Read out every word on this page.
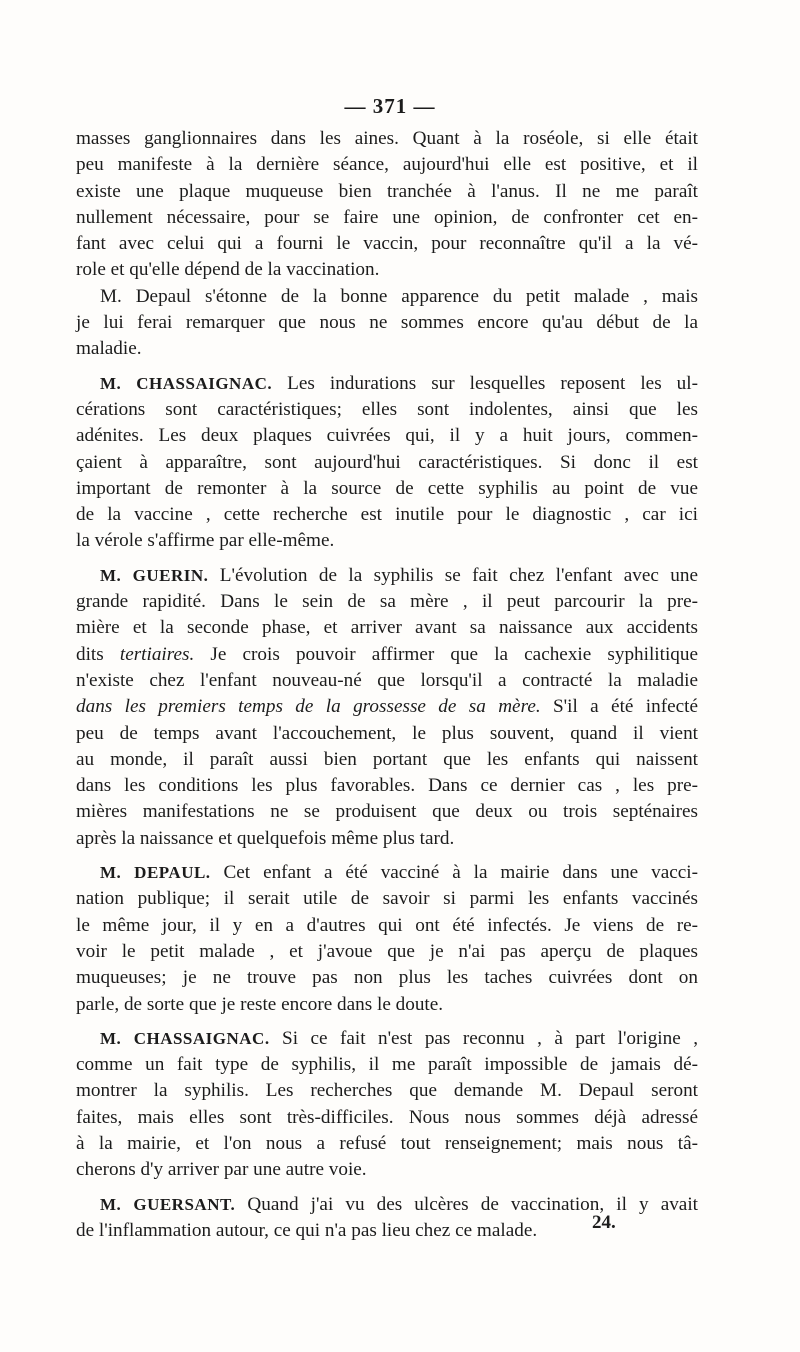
— 371 —
masses ganglionnaires dans les aines. Quant à la roséole, si elle était
peu manifeste à la dernière séance, aujourd'hui elle est positive, et il
existe une plaque muqueuse bien tranchée à l'anus. Il ne me paraît
nullement nécessaire, pour se faire une opinion, de confronter cet en-
fant avec celui qui a fourni le vaccin, pour reconnaître qu'il a la vé-
role et qu'elle dépend de la vaccination.
M. Depaul s'étonne de la bonne apparence du petit malade , mais
je lui ferai remarquer que nous ne sommes encore qu'au début de la
maladie.
M. CHASSAIGNAC. Les indurations sur lesquelles reposent les ul-
cérations sont caractéristiques; elles sont indolentes, ainsi que les
adénites. Les deux plaques cuivrées qui, il y a huit jours, commen-
çaient à apparaître, sont aujourd'hui caractéristiques. Si donc il est
important de remonter à la source de cette syphilis au point de vue
de la vaccine , cette recherche est inutile pour le diagnostic , car ici
la vérole s'affirme par elle-même.
M. GUERIN. L'évolution de la syphilis se fait chez l'enfant avec une
grande rapidité. Dans le sein de sa mère , il peut parcourir la pre-
mière et la seconde phase, et arriver avant sa naissance aux accidents
dits tertiaires. Je crois pouvoir affirmer que la cachexie syphilitique
n'existe chez l'enfant nouveau-né que lorsqu'il a contracté la maladie
dans les premiers temps de la grossesse de sa mère. S'il a été infecté
peu de temps avant l'accouchement, le plus souvent, quand il vient
au monde, il paraît aussi bien portant que les enfants qui naissent
dans les conditions les plus favorables. Dans ce dernier cas , les pre-
mières manifestations ne se produisent que deux ou trois septénaires
après la naissance et quelquefois même plus tard.
M. DEPAUL. Cet enfant a été vacciné à la mairie dans une vacci-
nation publique; il serait utile de savoir si parmi les enfants vaccinés
le même jour, il y en a d'autres qui ont été infectés. Je viens de re-
voir le petit malade , et j'avoue que je n'ai pas aperçu de plaques
muqueuses; je ne trouve pas non plus les taches cuivrées dont on
parle, de sorte que je reste encore dans le doute.
M. CHASSAIGNAC. Si ce fait n'est pas reconnu , à part l'origine ,
comme un fait type de syphilis, il me paraît impossible de jamais dé-
montrer la syphilis. Les recherches que demande M. Depaul seront
faites, mais elles sont très-difficiles. Nous nous sommes déjà adressé
à la mairie, et l'on nous a refusé tout renseignement; mais nous tâ-
cherons d'y arriver par une autre voie.
M. GUERSANT. Quand j'ai vu des ulcères de vaccination, il y avait
de l'inflammation autour, ce qui n'a pas lieu chez ce malade.	24.
